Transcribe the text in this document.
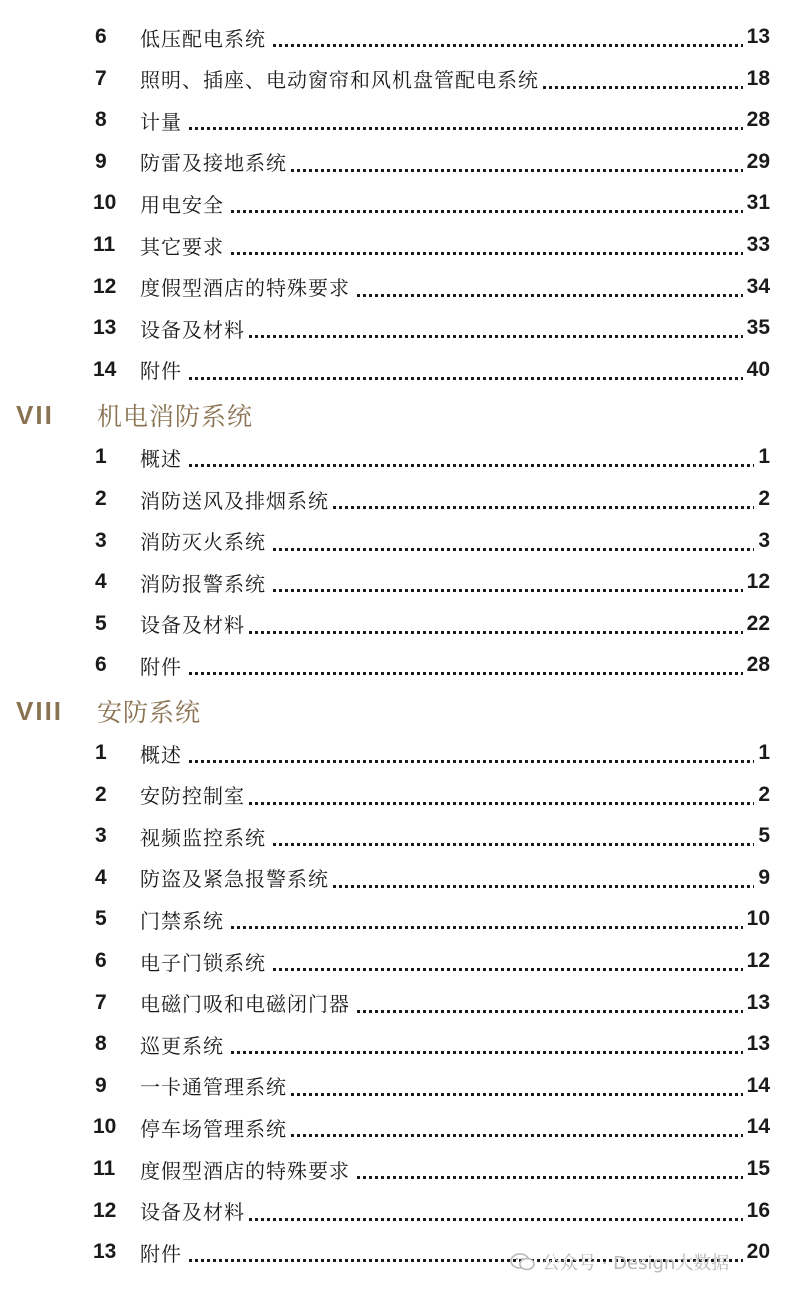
6	低压配电系统	13
7	照明、插座、电动窗帘和风机盘管配电系统	18
8	计量	28
9	防雷及接地系统	29
10	用电安全	31
11	其它要求	33
12	度假型酒店的特殊要求	34
13	设备及材料	35
14	附件	40
VII 机电消防系统
1	概述	1
2	消防送风及排烟系统	2
3	消防灭火系统	3
4	消防报警系统	12
5	设备及材料	22
6	附件	28
VIII 安防系统
1	概述	1
2	安防控制室	2
3	视频监控系统	5
4	防盗及紧急报警系统	9
5	门禁系统	10
6	电子门锁系统	12
7	电磁门吸和电磁闭门器	13
8	巡更系统	13
9	一卡通管理系统	14
10	停车场管理系统	14
11	度假型酒店的特殊要求	15
12	设备及材料	16
13	附件	20
公众号 · Design大数据
